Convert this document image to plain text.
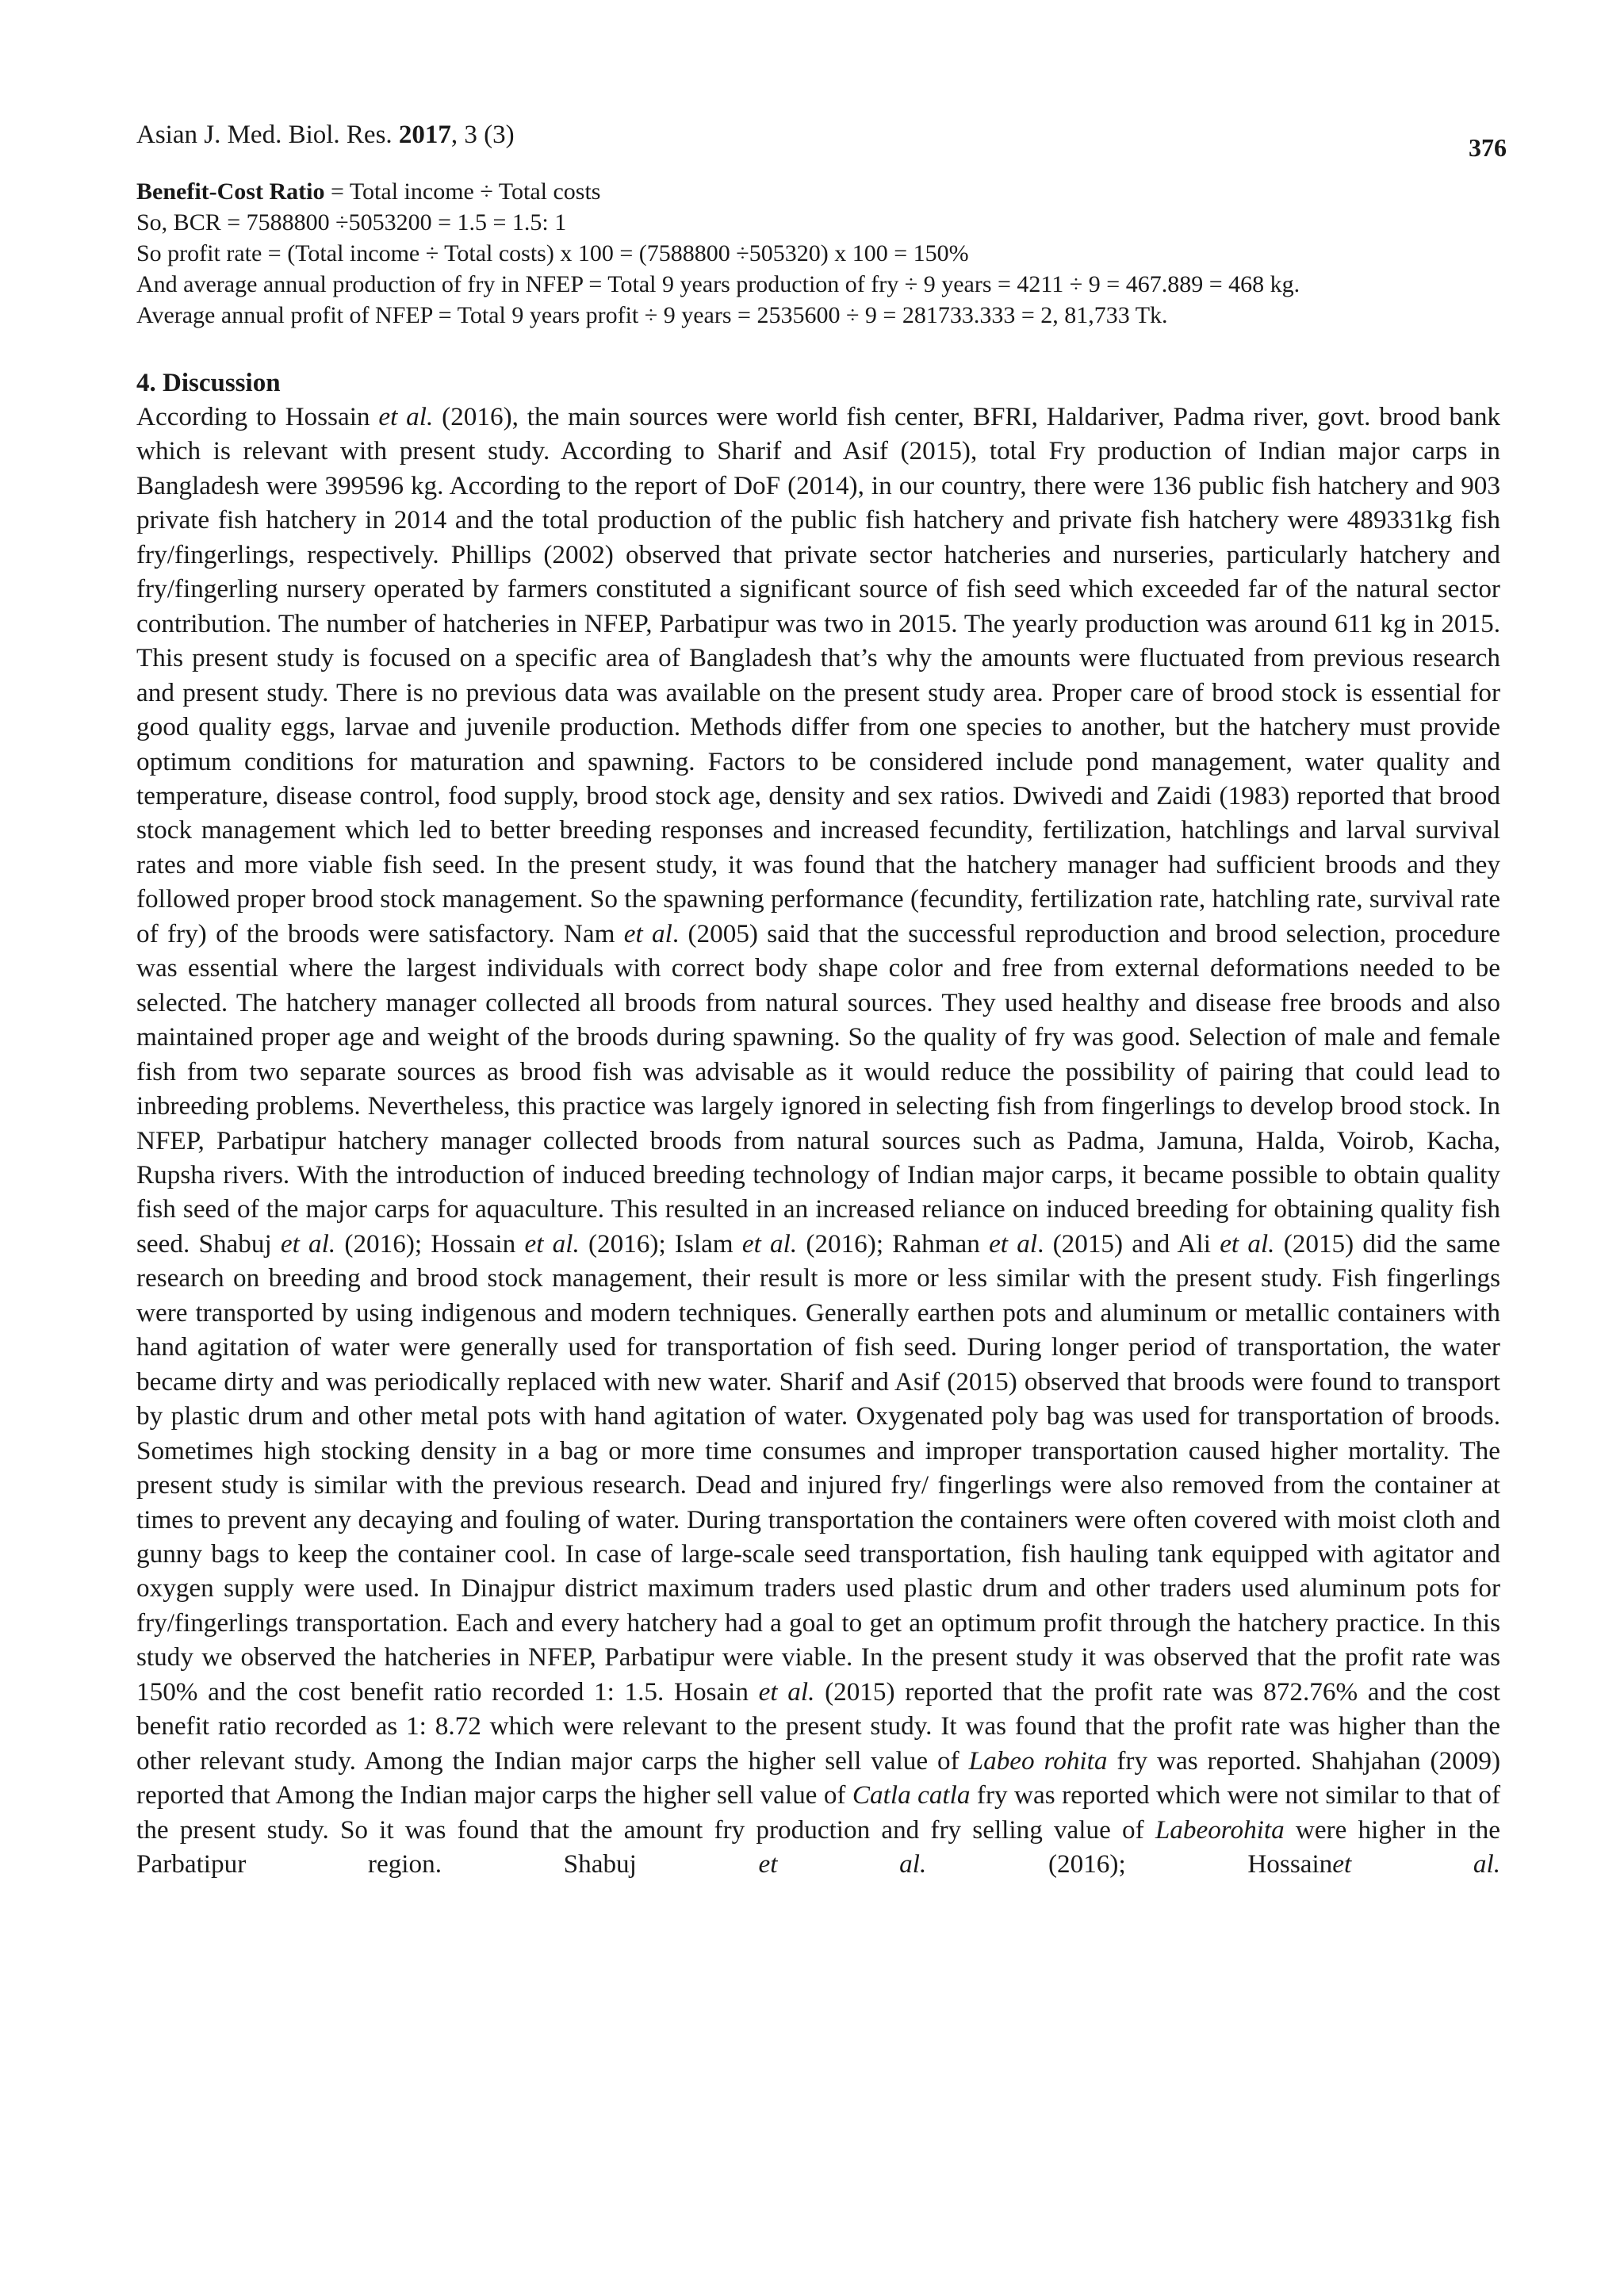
Asian J. Med. Biol. Res. 2017, 3 (3)	376
Benefit-Cost Ratio = Total income ÷ Total costs
So, BCR = 7588800 ÷5053200 = 1.5 = 1.5: 1
So profit rate = (Total income ÷ Total costs) x 100 = (7588800 ÷505320) x 100 = 150%
And average annual production of fry in NFEP = Total 9 years production of fry ÷ 9 years = 4211 ÷ 9 = 467.889 = 468 kg.
Average annual profit of NFEP = Total 9 years profit ÷ 9 years = 2535600 ÷ 9 = 281733.333 = 2, 81,733 Tk.
4. Discussion

According to Hossain et al. (2016), the main sources were world fish center, BFRI, Haldariver, Padma river, govt. brood bank which is relevant with present study. According to Sharif and Asif (2015), total Fry production of Indian major carps in Bangladesh were 399596 kg. According to the report of DoF (2014), in our country, there were 136 public fish hatchery and 903 private fish hatchery in 2014 and the total production of the public fish hatchery and private fish hatchery were 489331kg fish fry/fingerlings, respectively. Phillips (2002) observed that private sector hatcheries and nurseries, particularly hatchery and fry/fingerling nursery operated by farmers constituted a significant source of fish seed which exceeded far of the natural sector contribution. The number of hatcheries in NFEP, Parbatipur was two in 2015. The yearly production was around 611 kg in 2015. This present study is focused on a specific area of Bangladesh that’s why the amounts were fluctuated from previous research and present study. There is no previous data was available on the present study area. Proper care of brood stock is essential for good quality eggs, larvae and juvenile production. Methods differ from one species to another, but the hatchery must provide optimum conditions for maturation and spawning. Factors to be considered include pond management, water quality and temperature, disease control, food supply, brood stock age, density and sex ratios. Dwivedi and Zaidi (1983) reported that brood stock management which led to better breeding responses and increased fecundity, fertilization, hatchlings and larval survival rates and more viable fish seed. In the present study, it was found that the hatchery manager had sufficient broods and they followed proper brood stock management. So the spawning performance (fecundity, fertilization rate, hatchling rate, survival rate of fry) of the broods were satisfactory. Nam et al. (2005) said that the successful reproduction and brood selection, procedure was essential where the largest individuals with correct body shape color and free from external deformations needed to be selected. The hatchery manager collected all broods from natural sources. They used healthy and disease free broods and also maintained proper age and weight of the broods during spawning. So the quality of fry was good. Selection of male and female fish from two separate sources as brood fish was advisable as it would reduce the possibility of pairing that could lead to inbreeding problems. Nevertheless, this practice was largely ignored in selecting fish from fingerlings to develop brood stock. In NFEP, Parbatipur hatchery manager collected broods from natural sources such as Padma, Jamuna, Halda, Voirob, Kacha, Rupsha rivers. With the introduction of induced breeding technology of Indian major carps, it became possible to obtain quality fish seed of the major carps for aquaculture. This resulted in an increased reliance on induced breeding for obtaining quality fish seed. Shabuj et al. (2016); Hossain et al. (2016); Islam et al. (2016); Rahman et al. (2015) and Ali et al. (2015) did the same research on breeding and brood stock management, their result is more or less similar with the present study. Fish fingerlings were transported by using indigenous and modern techniques. Generally earthen pots and aluminum or metallic containers with hand agitation of water were generally used for transportation of fish seed. During longer period of transportation, the water became dirty and was periodically replaced with new water. Sharif and Asif (2015) observed that broods were found to transport by plastic drum and other metal pots with hand agitation of water. Oxygenated poly bag was used for transportation of broods. Sometimes high stocking density in a bag or more time consumes and improper transportation caused higher mortality. The present study is similar with the previous research. Dead and injured fry/ fingerlings were also removed from the container at times to prevent any decaying and fouling of water. During transportation the containers were often covered with moist cloth and gunny bags to keep the container cool. In case of large-scale seed transportation, fish hauling tank equipped with agitator and oxygen supply were used. In Dinajpur district maximum traders used plastic drum and other traders used aluminum pots for fry/fingerlings transportation. Each and every hatchery had a goal to get an optimum profit through the hatchery practice. In this study we observed the hatcheries in NFEP, Parbatipur were viable. In the present study it was observed that the profit rate was 150% and the cost benefit ratio recorded 1: 1.5. Hosain et al. (2015) reported that the profit rate was 872.76% and the cost benefit ratio recorded as 1: 8.72 which were relevant to the present study. It was found that the profit rate was higher than the other relevant study. Among the Indian major carps the higher sell value of Labeo rohita fry was reported. Shahjahan (2009) reported that Among the Indian major carps the higher sell value of Catla catla fry was reported which were not similar to that of the present study. So it was found that the amount fry production and fry selling value of Labeorohita were higher in the Parbatipur region. Shabuj et al. (2016); Hossainet al.
